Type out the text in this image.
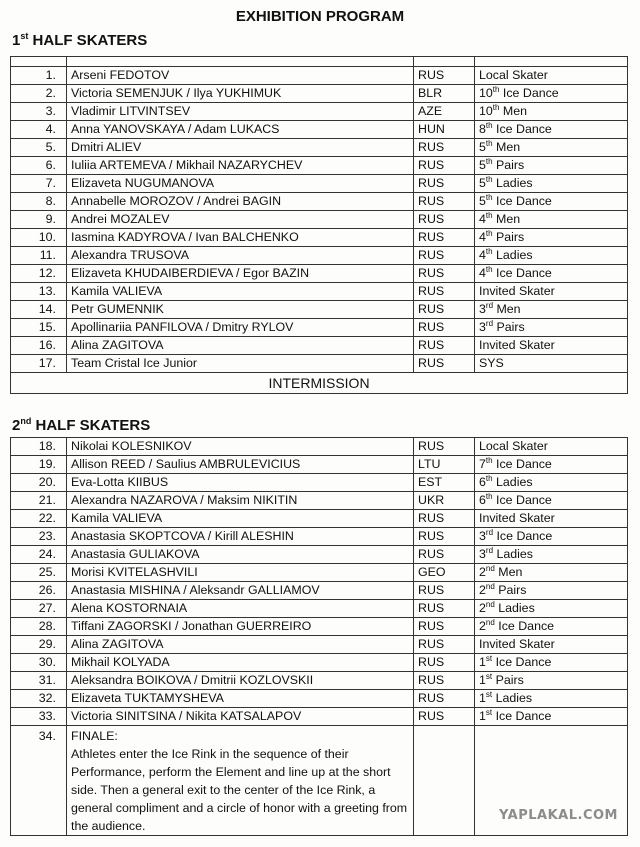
EXHIBITION PROGRAM
1st HALF SKATERS

1.	Arseni FEDOTOV	RUS	Local Skater
2.	Victoria SEMENJUK / Ilya YUKHIMUK	BLR	10th Ice Dance
3.	Vladimir LITVINTSEV	AZE	10th Men
4.	Anna YANOVSKAYA / Adam LUKACS	HUN	8th Ice Dance
5.	Dmitri ALIEV	RUS	5th Men
6.	Iuliia ARTEMEVA / Mikhail NAZARYCHEV	RUS	5th Pairs
7.	Elizaveta NUGUMANOVA	RUS	5th Ladies
8.	Annabelle MOROZOV / Andrei BAGIN	RUS	5th Ice Dance
9.	Andrei MOZALEV	RUS	4th Men
10.	Iasmina KADYROVA / Ivan BALCHENKO	RUS	4th Pairs
11.	Alexandra TRUSOVA	RUS	4th Ladies
12.	Elizaveta KHUDAIBERDIEVA / Egor BAZIN	RUS	4th Ice Dance
13.	Kamila VALIEVA	RUS	Invited Skater
14.	Petr GUMENNIK	RUS	3rd Men
15.	Apollinariia PANFILOVA / Dmitry RYLOV	RUS	3rd Pairs
16.	Alina ZAGITOVA	RUS	Invited Skater
17.	Team Cristal Ice Junior	RUS	SYS
INTERMISSION			
2nd HALF SKATERS
18.	Nikolai KOLESNIKOV	RUS	Local Skater
19.	Allison REED / Saulius AMBRULEVICIUS	LTU	7th Ice Dance
20.	Eva-Lotta KIIBUS	EST	6th Ladies
21.	Alexandra NAZAROVA / Maksim NIKITIN	UKR	6th Ice Dance
22.	Kamila VALIEVA	RUS	Invited Skater
23.	Anastasia SKOPTCOVA / Kirill ALESHIN	RUS	3rd Ice Dance
24.	Anastasia GULIAKOVA	RUS	3rd Ladies
25.	Morisi KVITELASHVILI	GEO	2nd Men
26.	Anastasia MISHINA / Aleksandr GALLIAMOV	RUS	2nd Pairs
27.	Alena KOSTORNAIA	RUS	2nd Ladies
28.	Tiffani ZAGORSKI / Jonathan GUERREIRO	RUS	2nd Ice Dance
29.	Alina ZAGITOVA	RUS	Invited Skater
30.	Mikhail KOLYADA	RUS	1st Ice Dance
31.	Aleksandra BOIKOVA / Dmitrii KOZLOVSKII	RUS	1st Pairs
32.	Elizaveta TUKTAMYSHEVA	RUS	1st Ladies
33.	Victoria SINITSINA / Nikita KATSALAPOV	RUS	1st Ice Dance
34.	FINALE:
Athletes enter the Ice Rink in the sequence of their Performance, perform the Element and line up at the short side. Then a general exit to the center of the Ice Rink, a general compliment and a circle of honor with a greeting from the audience.		

YAPLAKAL.COM
